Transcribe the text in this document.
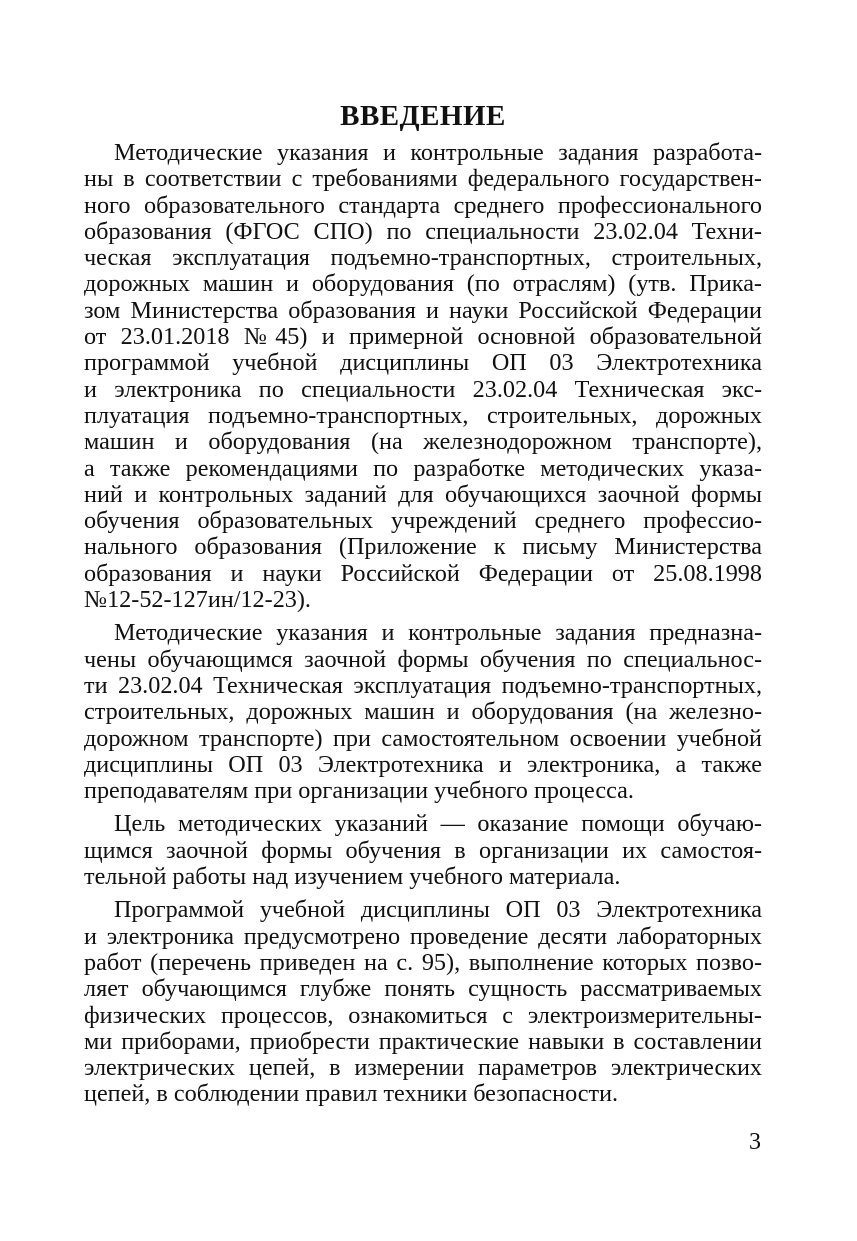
ВВЕДЕНИЕ
Методические указания и контрольные задания разработа-
ны в соответствии с требованиями федерального государствен-
ного образовательного стандарта среднего профессионального
образования (ФГОС СПО) по специальности 23.02.04 Техни-
ческая эксплуатация подъемно-транспортных, строительных,
дорожных машин и оборудования (по отраслям) (утв. Прика-
зом Министерства образования и науки Российской Федерации
от 23.01.2018 №45) и примерной основной образовательной
программой учебной дисциплины ОП 03 Электротехника
и электроника по специальности 23.02.04 Техническая экс-
плуатация подъемно-транспортных, строительных, дорожных
машин и оборудования (на железнодорожном транспорте),
а также рекомендациями по разработке методических указа-
ний и контрольных заданий для обучающихся заочной формы
обучения образовательных учреждений среднего профессио-
нального образования (Приложение к письму Министерства
образования и науки Российской Федерации от 25.08.1998
№12-52-127ин/12-23).
Методические указания и контрольные задания предназна-
чены обучающимся заочной формы обучения по специальнос-
ти 23.02.04 Техническая эксплуатация подъемно-транспортных,
строительных, дорожных машин и оборудования (на железно-
дорожном транспорте) при самостоятельном освоении учебной
дисциплины ОП 03 Электротехника и электроника, а также
преподавателям при организации учебного процесса.
Цель методических указаний — оказание помощи обучаю-
щимся заочной формы обучения в организации их самостоя-
тельной работы над изучением учебного материала.
Программой учебной дисциплины ОП 03 Электротехника
и электроника предусмотрено проведение десяти лабораторных
работ (перечень приведен на с. 95), выполнение которых позво-
ляет обучающимся глубже понять сущность рассматриваемых
физических процессов, ознакомиться с электроизмерительны-
ми приборами, приобрести практические навыки в составлении
электрических цепей, в измерении параметров электрических
цепей, в соблюдении правил техники безопасности.
3
